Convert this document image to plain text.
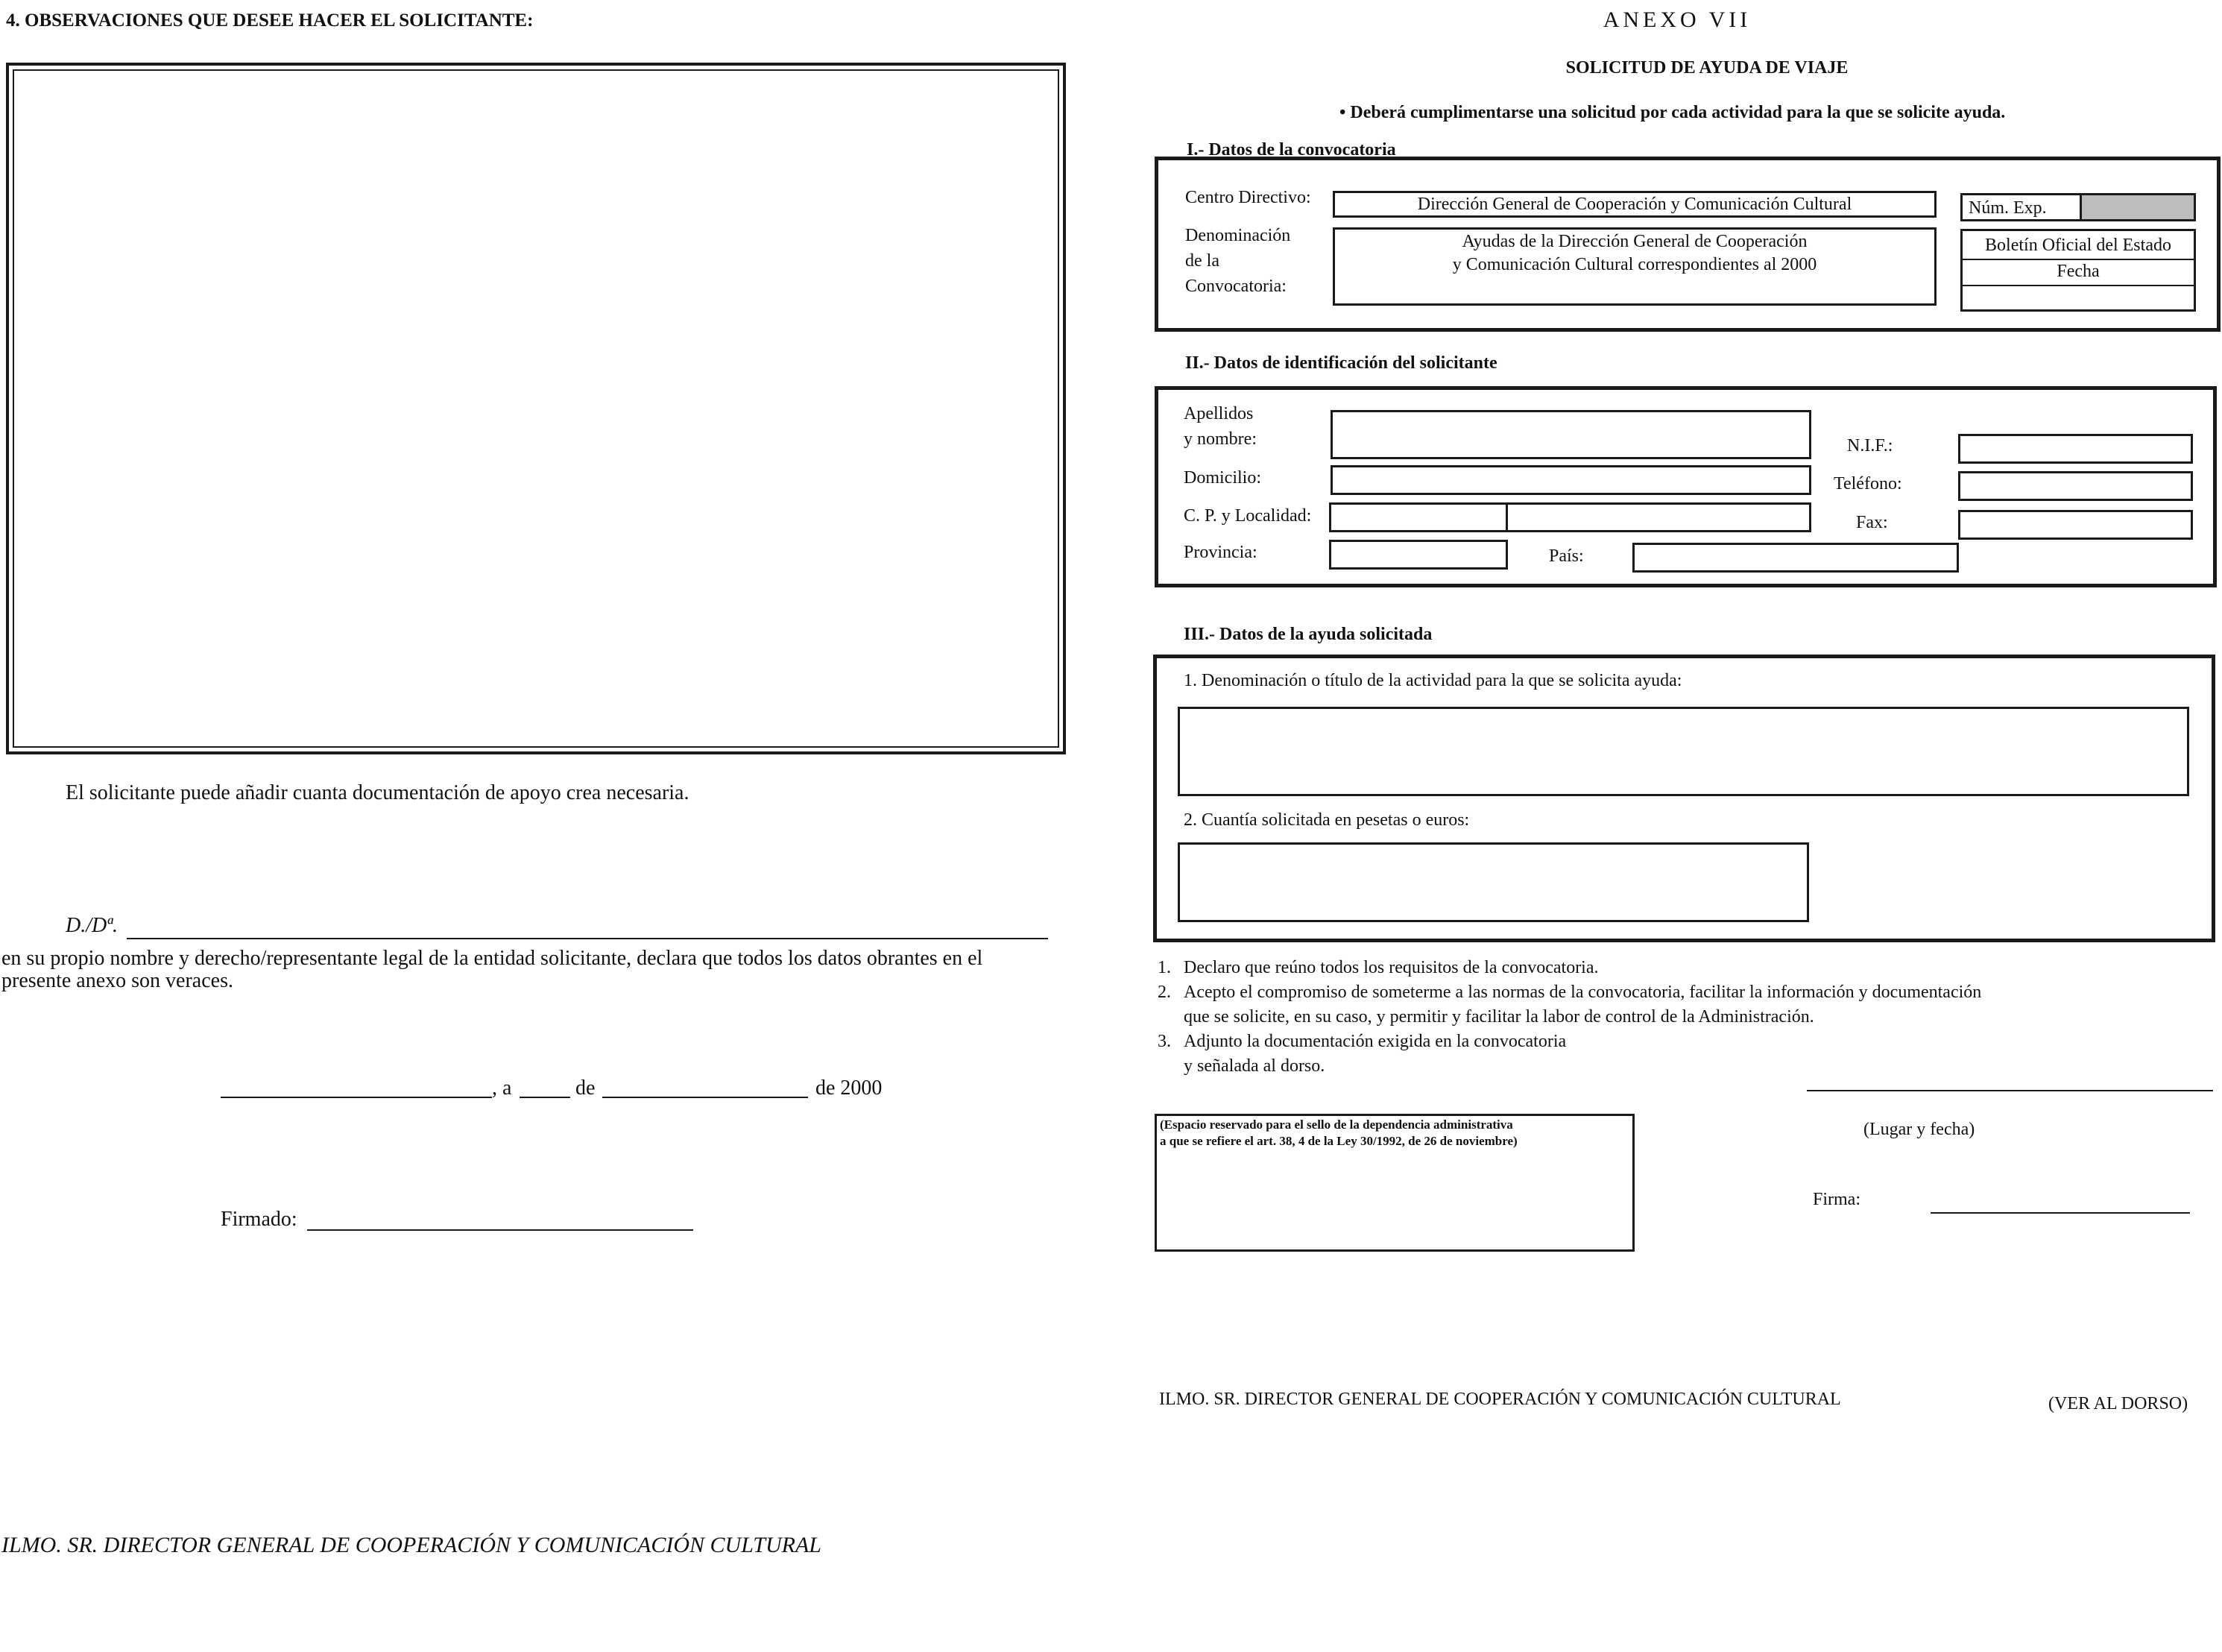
4. OBSERVACIONES QUE DESEE HACER EL SOLICITANTE:
El solicitante puede añadir cuanta documentación de apoyo crea necesaria.
D./Dª.
en su propio nombre y derecho/representante legal de la entidad solicitante, declara que todos los datos obrantes en el
presente anexo son veraces.
, a	de	de 2000
Firmado:
ILMO. SR. DIRECTOR GENERAL DE COOPERACIÓN Y COMUNICACIÓN CULTURAL
ANEXO VII
SOLICITUD DE AYUDA DE VIAJE
• Deberá cumplimentarse una solicitud por cada actividad para la que se solicite ayuda.
I.- Datos de la convocatoria
Centro Directivo:	Dirección General de Cooperación y Comunicación Cultural
Denominación
de la
Convocatoria:
Ayudas de la Dirección General de Cooperación
y Comunicación Cultural correspondientes al 2000
Núm. Exp.
Boletín Oficial del Estado
Fecha
II.- Datos de identificación del solicitante
Apellidos
y nombre:
Domicilio:
C. P. y Localidad:
Provincia:	País:
N.I.F.:
Teléfono:
Fax:
III.- Datos de la ayuda solicitada
1. Denominación o título de la actividad para la que se solicita ayuda:
2. Cuantía solicitada en pesetas o euros:
1. Declaro que reúno todos los requisitos de la convocatoria.
2. Acepto el compromiso de someterme a las normas de la convocatoria, facilitar la información y documentación
que se solicite, en su caso, y permitir y facilitar la labor de control de la Administración.
3. Adjunto la documentación exigida en la convocatoria
y señalada al dorso.
(Espacio reservado para el sello de la dependencia administrativa
a que se refiere el art. 38, 4 de la Ley 30/1992, de 26 de noviembre)
(Lugar y fecha)
Firma:
ILMO. SR. DIRECTOR GENERAL DE COOPERACIÓN Y COMUNICACIÓN CULTURAL	(VER AL DORSO)
